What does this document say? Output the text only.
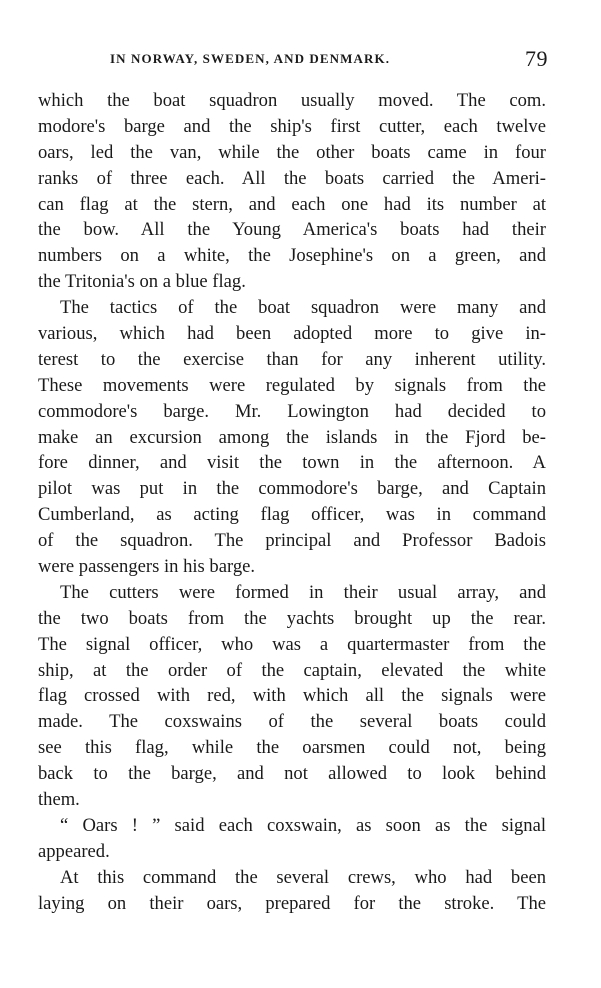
IN NORWAY, SWEDEN, AND DENMARK.	79
which the boat squadron usually moved. The com.
modore's barge and the ship's first cutter, each twelve
oars, led the van, while the other boats came in four
ranks of three each. All the boats carried the Ameri-
can flag at the stern, and each one had its number at
the bow. All the Young America's boats had their
numbers on a white, the Josephine's on a green, and
the Tritonia's on a blue flag.
The tactics of the boat squadron were many and
various, which had been adopted more to give in-
terest to the exercise than for any inherent utility.
These movements were regulated by signals from the
commodore's barge. Mr. Lowington had decided to
make an excursion among the islands in the Fjord be-
fore dinner, and visit the town in the afternoon. A
pilot was put in the commodore's barge, and Captain
Cumberland, as acting flag officer, was in command
of the squadron. The principal and Professor Badois
were passengers in his barge.
The cutters were formed in their usual array, and
the two boats from the yachts brought up the rear.
The signal officer, who was a quartermaster from the
ship, at the order of the captain, elevated the white
flag crossed with red, with which all the signals were
made. The coxswains of the several boats could
see this flag, while the oarsmen could not, being
back to the barge, and not allowed to look behind
them.
“ Oars ! ” said each coxswain, as soon as the signal
appeared.
At this command the several crews, who had been
laying on their oars, prepared for the stroke. The
